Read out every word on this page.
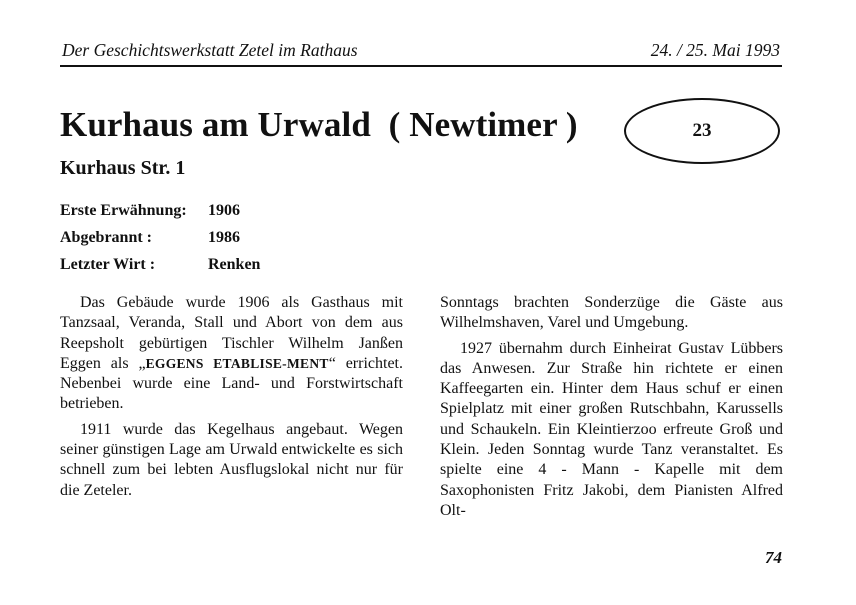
Der Geschichtswerkstatt Zetel im Rathaus	24. / 25. Mai 1993
Kurhaus am Urwald  ( Newtimer )	23
Kurhaus Str. 1
Erste Erwähnung: 1906
Abgebrannt :	1986
Letzter Wirt :	Renken

Das Gebäude wurde 1906 als Gasthaus mit Tanzsaal, Veranda, Stall und Abort von dem aus Reepsholt gebürtigen Tischler Wilhelm Janßen Eggen als „EGGENS ETABLISE-MENT“ errichtet. Nebenbei wurde eine Land- und Forstwirtschaft betrieben.

1911 wurde das Kegelhaus angebaut. Wegen seiner günstigen Lage am Urwald entwickelte es sich schnell zum bei lebten Ausflugslokal nicht nur für die Zeteler.

Sonntags brachten Sonderzüge die Gäste aus Wilhelmshaven, Varel und Umgebung.

1927 übernahm durch Einheirat Gustav Lübbers das Anwesen. Zur Straße hin richtete er einen Kaffeegarten ein. Hinter dem Haus schuf er einen Spielplatz mit einer großen Rutschbahn, Karussells und Schaukeln. Ein Kleintierzoo erfreute Groß und Klein. Jeden Sonntag wurde Tanz veranstaltet. Es spielte eine 4 - Mann - Kapelle mit dem Saxophonisten Fritz Jakobi, dem Pianisten Alfred Olt-

74
